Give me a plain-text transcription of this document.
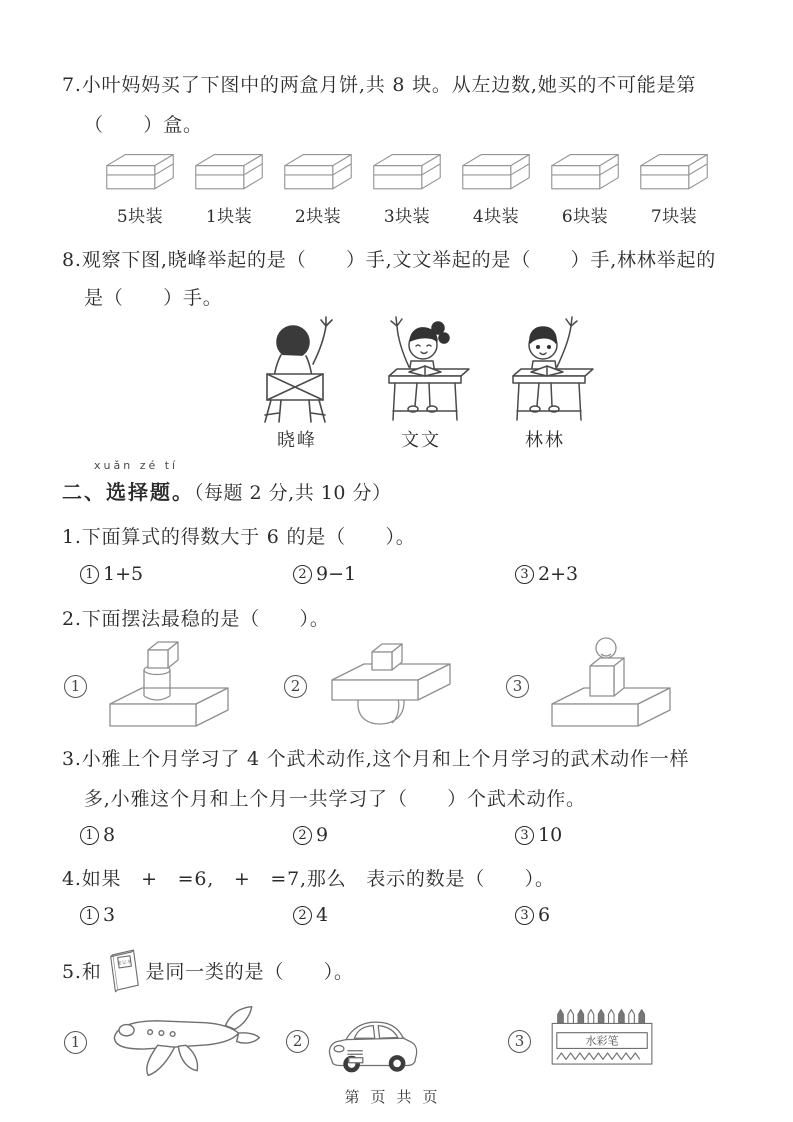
7.小叶妈妈买了下图中的两盒月饼,共 8 块。从左边数,她买的不可能是第
（　　）盒。
5块装	1块装	2块装	3块装	4块装	6块装	7块装
8.观察下图,晓峰举起的是（　　）手,文文举起的是（　　）手,林林举起的
是（　　）手。
晓峰	文文	林林
xuǎn zé tí
二、选择题。（每题 2 分,共 10 分）
1.下面算式的得数大于 6 的是（　　）。
1 1+5	2 9−1	3 2+3
2.下面摆法最稳的是（　　）。
1	2	3
3.小雅上个月学习了 4 个武术动作,这个月和上个月学习的武术动作一样
多,小雅这个月和上个月一共学习了（　　）个武术动作。
1 8	2 9	3 10
4.如果　+　=6,　+　=7,那么　表示的数是（　　）。
1 3	2 4	3 6
5.和	笔记本 是同一类的是（　　）。
1	2	3	水彩笔
第页共页
